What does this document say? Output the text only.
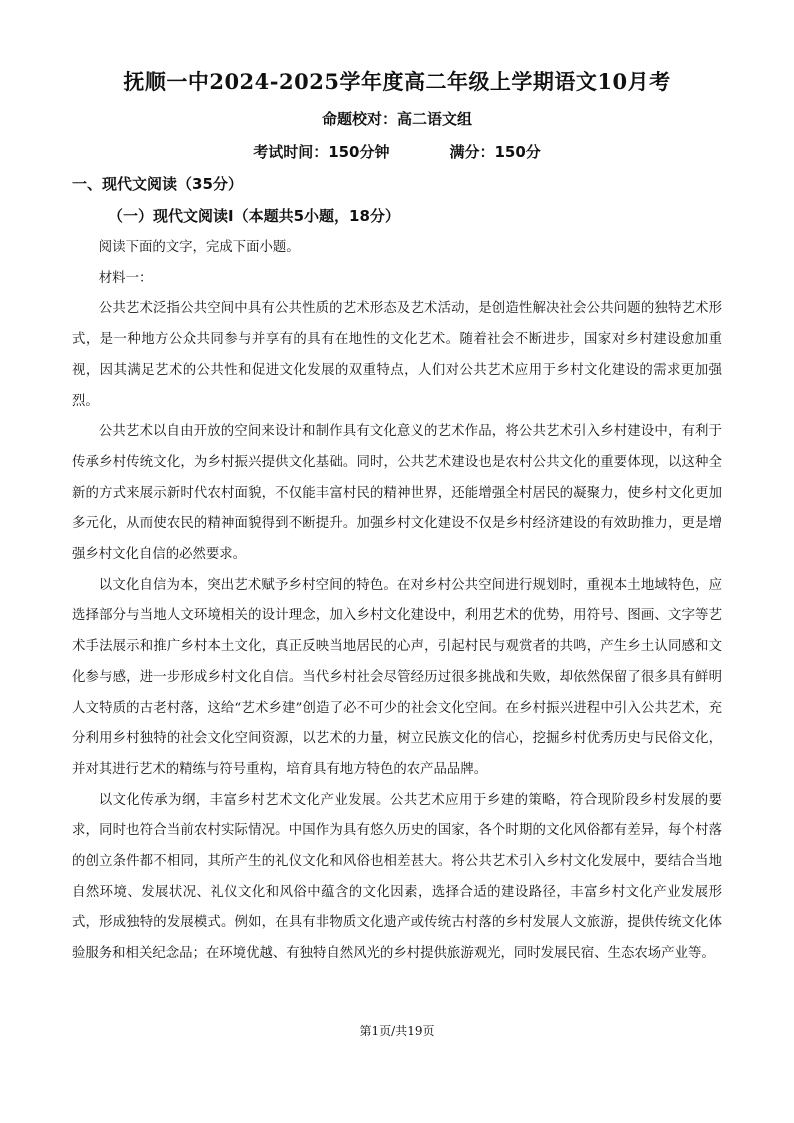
抚顺一中2024-2025学年度高二年级上学期语文10月考
命题校对：高二语文组
考试时间：150分钟	满分：150分
一、现代文阅读（35分）
（一）现代文阅读Ⅰ（本题共5小题，18分）

阅读下面的文字，完成下面小题。

材料一：

公共艺术泛指公共空间中具有公共性质的艺术形态及艺术活动，是创造性解决社会公共问题的独特艺术形式，是一种地方公众共同参与并享有的具有在地性的文化艺术。随着社会不断进步，国家对乡村建设愈加重视，因其满足艺术的公共性和促进文化发展的双重特点，人们对公共艺术应用于乡村文化建设的需求更加强烈。

公共艺术以自由开放的空间来设计和制作具有文化意义的艺术作品，将公共艺术引入乡村建设中，有利于传承乡村传统文化，为乡村振兴提供文化基础。同时，公共艺术建设也是农村公共文化的重要体现，以这种全新的方式来展示新时代农村面貌，不仅能丰富村民的精神世界，还能增强全村居民的凝聚力，使乡村文化更加多元化，从而使农民的精神面貌得到不断提升。加强乡村文化建设不仅是乡村经济建设的有效助推力，更是增强乡村文化自信的必然要求。

以文化自信为本，突出艺术赋予乡村空间的特色。在对乡村公共空间进行规划时，重视本土地域特色，应选择部分与当地人文环境相关的设计理念，加入乡村文化建设中，利用艺术的优势，用符号、图画、文字等艺术手法展示和推广乡村本土文化，真正反映当地居民的心声，引起村民与观赏者的共鸣，产生乡土认同感和文化参与感，进一步形成乡村文化自信。当代乡村社会尽管经历过很多挑战和失败，却依然保留了很多具有鲜明人文特质的古老村落，这给“艺术乡建”创造了必不可少的社会文化空间。在乡村振兴进程中引入公共艺术，充分利用乡村独特的社会文化空间资源，以艺术的力量，树立民族文化的信心，挖掘乡村优秀历史与民俗文化，并对其进行艺术的精练与符号重构，培育具有地方特色的农产品品牌。

以文化传承为纲，丰富乡村艺术文化产业发展。公共艺术应用于乡建的策略，符合现阶段乡村发展的要求，同时也符合当前农村实际情况。中国作为具有悠久历史的国家，各个时期的文化风俗都有差异，每个村落的创立条件都不相同，其所产生的礼仪文化和风俗也相差甚大。将公共艺术引入乡村文化发展中，要结合当地自然环境、发展状况、礼仪文化和风俗中蕴含的文化因素，选择合适的建设路径，丰富乡村文化产业发展形式，形成独特的发展模式。例如，在具有非物质文化遗产或传统古村落的乡村发展人文旅游，提供传统文化体验服务和相关纪念品；在环境优越、有独特自然风光的乡村提供旅游观光，同时发展民宿、生态农场产业等。

第1页/共19页
